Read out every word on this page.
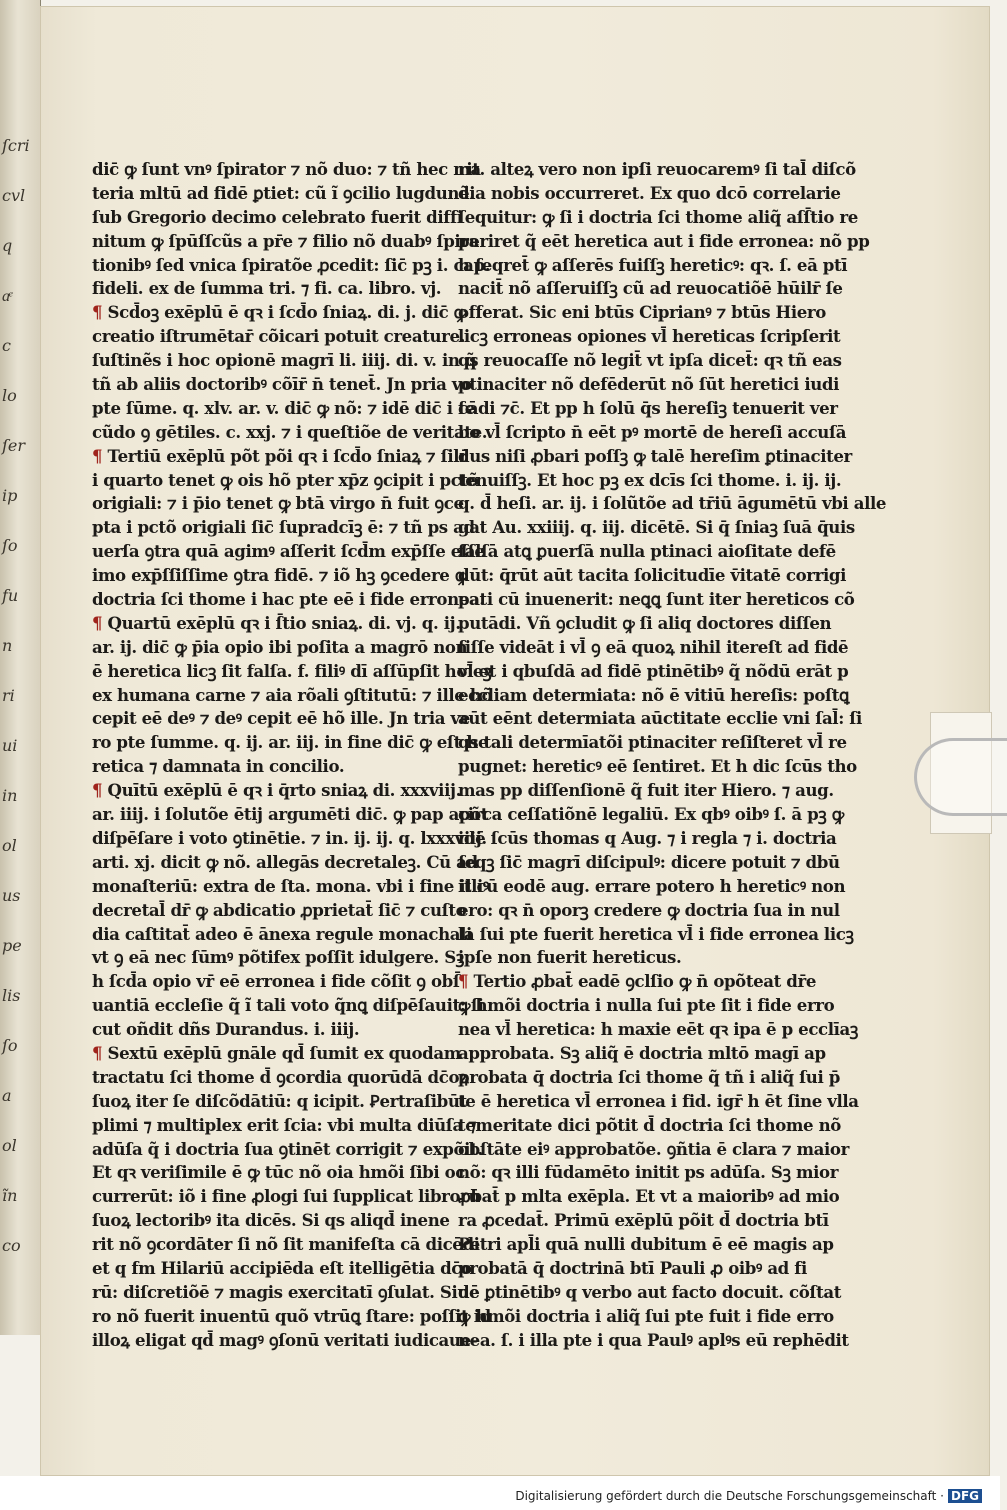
ſcri
cvl
q
aͤ
c
lo
ſer
ip
ſo
fu
n
ri
ui
in
ol
us
pe
lis
ſo
a
ol
ĩn
co
dic̄ ꝙ ſunt vnꝰ ſpirator ⁊ nõ duo: ⁊ tñ hec ma
teria mltū ad fidē ꝑtiet: cũ ĩ ꝯcilio lugdunẽ.
ſub Gregorio decimo celebrato fuerit diffi
nitum ꝙ ſpūſſcũs a pr̄e ⁊ filio nõ duabꝰ ſpira
tionibꝰ ſed vnica ſpiratõe ꝓcedit: ſic̄ pꝫ i. cap.
fideli. ex de ſumma tri. ⁊ fi. ca. libro. vj.
¶ Scd̄oꝫ exēplū ē qꝛ i ſcd̄o ſniaꝝ. di. j. dic̄ ꝙ
creatio iſtrumētar̄ cõicari potuit creature.
ſuſtinẽs i hoc opionē magrī li. iiij. di. v. in q̃
tñ ab aliis doctoribꝰ cõīr̄ n̄ tenet̄. Jn pria vo
pte ſūme. q. xlv. ar. v. dic̄ ꝙ nõ: ⁊ idē dic̄ i ſe
cũdo ꝯ gētiles. c. xxj. ⁊ i queſtiõe de veritate.
¶ Tertiū exēplū põt põi qꝛ i ſcd̄o ſniaꝝ ⁊ ſilr̄
i quarto tenet ꝙ ois hõ pter xp̄z ꝯcipit i pctõ
origiali: ⁊ i p̄io tenet ꝙ btā virgo n̄ fuit ꝯce
pta i pctõ origiali ſic̄ ſupradcīꝫ ē: ⁊ tñ ps ad
uerſa ꝯtra quā agimꝰ aſſerit ſcd̄m exp̄ſſe eſſe
imo exp̄ſſiſſime ꝯtra fidē. ⁊ iõ hꝫ ꝯcedere ꝙ
doctria ſci thome i hac pte eē i fide erronea.
¶ Quartū exēplū qꝛ i ſ̄tio sniaꝝ. di. vj. q. ij.
ar. ij. dic̄ ꝙ p̄ia opio ibi poſita a magrō non
ē heretica licꝫ ſit falſa. f. filiꝰ dī aſſūpſit hoīeꝫ
ex humana carne ⁊ aia rõali ꝯſtitutū: ⁊ ille hõ
cepit eē deꝰ ⁊ deꝰ cepit eē hõ ille. Jn tria ve
ro pte ſumme. q. ij. ar. iij. in fine dic̄ ꝙ eſt he
retica ⁊ damnata in concilio.
¶ Quītū exēplū ē qꝛ i q̄rto sniaꝝ di. xxxviij.
ar. iiij. i ſolutõe ētij argumēti dic̄. ꝙ pap apõt
diſpēſare i voto ꝯtinētie. ⁊ in. ij. ij. q. lxxxviij.
arti. xj. dicit ꝙ nõ. allegās decretaleꝫ. Cū ad
monaſteriū: extra de ſta. mona. vbi i fine illiꝰ
decretal̄ dr̄ ꝙ abdicatio ꝓprietat̄ ſic̄ ⁊ cuſto
dia caſtitat̄ adeo ē ānexa regule monachali
vt ꝯ eā nec ſūmꝰ põtifex poſſit idulgere. Sꝫ
h ſcd̄a opio vr̄ eē erronea i fide cõſit ꝯ obſ̄
uantiā eccleſie q̃ ĩ tali voto q̃nꝗ diſpēſauit: ſi
cut oñdit dñs Durandus. i. iiij.
¶ Sextū exēplū gnāle qd̄ ſumit ex quodam
tractatu ſci thome d̄ ꝯcordia quorūdā dc̄oꝝ
ſuoꝝ iter ſe diſcõdātiū: q icipit. Ꝑertraſibūt
plimi ⁊ multiplex erit ſcia: vbi multa diūſa ⁊
adūſa q̃ i doctria ſua ꝯtinēt corrigit ⁊ expõit.
Et qꝛ veriſimile ē ꝙ tūc nõ oia hmõi ſibi oc
currerūt: iõ i fine ꝓlogi ſui ſupplicat librorū
ſuoꝝ lectoribꝰ ita dicēs. Si qs aliqd̄ inene
rit nõ ꝯcordāter ſi nõ ſit manifeſta cā dicēdi
et q fm Hilariū accipiēda eſt itelligētia dc̄o
rū: diſcretiõē ⁊ magis exercitatī ꝯſulat. Siue
ro nõ fuerit inuentū quõ vtrūꝗ ſtare: poſſit id
illoꝝ eligat qd̄ magꝰ ꝯſonū veritati iudicaue-
rit. alteꝝ vero non ipſi reuocaremꝰ ſi tal̄ diſcõ
dia nobis occurreret. Ex quo dcō correlarie
ſequitur: ꝙ ſi i doctria ſci thome aliq̃ aſſ̄tio re
periret q̃ eēt heretica aut i fide erronea: nõ pp
h ſeqret̄ ꝙ aſſerēs fuiſſꝫ hereticꝰ: qꝛ. ſ. eā ptī
nacit̄ nõ aſſeruiſſꝫ cũ ad reuocatiõē hūilr̄ ſe
offerat. Sic eni btūs Ciprianꝰ ⁊ btūs Hiero
licꝫ erroneas opiones vl̄ hereticas ſcripſerit
qs reuocaſſe nõ legit̄ vt ipſa dicet̄: qꝛ tñ eas
ptinaciter nõ defēderūt nõ ſūt heretici iudi
cādi ⁊c̄. Et pp h ſolū q̄s hereſiꝫ tenuerit ver
bo vl̄ ſcripto n̄ eēt pꝰ mortē de hereſi accuſā
dus niſi ꝓbari poſſꝫ ꝙ talē hereſim ꝑtinaciter
tenuiſſꝫ. Et hoc pꝫ ex dcīs ſci thome. i. ij. ij.
q. d̄ heſi. ar. ij. i ſolũtõe ad tr̄iū āgumētū vbi alle
gat Au. xxiiij. q. iij. dicētē. Si q̄ ſniaꝫ ſuā q̄uis
falſā atꝗ ꝑuerſā nulla ptinaci aioſitate defē
dūt: q̄rūt aūt tacita ſolicitudīe v̄itatē corrigi
pati cū inuenerit: neꝗꝗ ſunt iter hereticos cõ
putādi. Vñ ꝯcludit ꝙ ſi aliq doctores diſſen
ſiſſe videāt i vl̄ ꝯ eā quoꝝ nihil itereſt ad fidē
vl̄ et i qbuſdā ad fidē ptinētibꝰ q̃ nõdū erāt p
eccliam determiata: nõ ē vitiū hereſis: poſtꝗ
aūt eēnt determiata aūctitate ecclie vni ſal̄: ſi
qs tali determīatõi ptinaciter reſiſteret vl̄ re
pugnet: hereticꝰ eē ſentiret. Et h dic ſcūs tho
mas pp diſſenſionē q̃ fuit iter Hiero. ⁊ aug.
circa ceſſatiõnē legaliū. Ex qbꝰ oibꝰ ſ. ā pꝫ ꝙ
idē ſcūs thomas q Aug. ⁊ i regla ⁊ i. doctria
ſeqꝫ ſic̄ magrī diſcipulꝰ: dicere potuit ⁊ dbū
it cū eodē aug. errare potero h hereticꝰ non
ero: qꝛ n̄ oporꝫ credere ꝙ doctria ſua in nul
la ſui pte fuerit heretica vl̄ i fide erronea licꝫ
ipſe non fuerit hereticus.
¶ Tertio ꝓbat̄ eadē ꝯclſio ꝙ n̄ opõteat dr̄e
ꝙ hmõi doctria i nulla ſui pte ſit i fide erro
nea vl̄ heretica: h maxie eēt qꝛ ipa ē p ecclīaꝫ
approbata. Sꝫ aliq̃ ē doctria mltō magī ap
probata q̄ doctria ſci thome q̃ tñ i aliq̃ ſui p̄
te ē heretica vl̄ erronea i fid. igr̄ h ēt ſine vlla
temeritate dici põtit d̄ doctria ſci thome nõ
obſtāte eiꝰ approbatõe. ꝯñtia ē clara ⁊ maior
nõ: qꝛ illi fūdamēto initit ps adūſa. Sꝫ mior
ꝓbat̄ p mlta exēpla. Et vt a maioribꝰ ad mio
ra ꝓcedat̄. Primū exēplū põit d̄ doctria btī
Petri apl̄i quā nulli dubitum ē eē magis ap
probatā q̄ doctrinā btī Pauli ꝓ oibꝰ ad fi
dē ꝑtinētibꝰ q verbo aut facto docuit. cõſtat
ꝙ hmõi doctria i aliq̃ ſui pte fuit i fide erro
nea. ſ. i illa pte i qua Paulꝰ aplꝰs eū rephēdit
Digitalisierung gefördert durch die Deutsche Forschungsgemeinschaft · DFG
